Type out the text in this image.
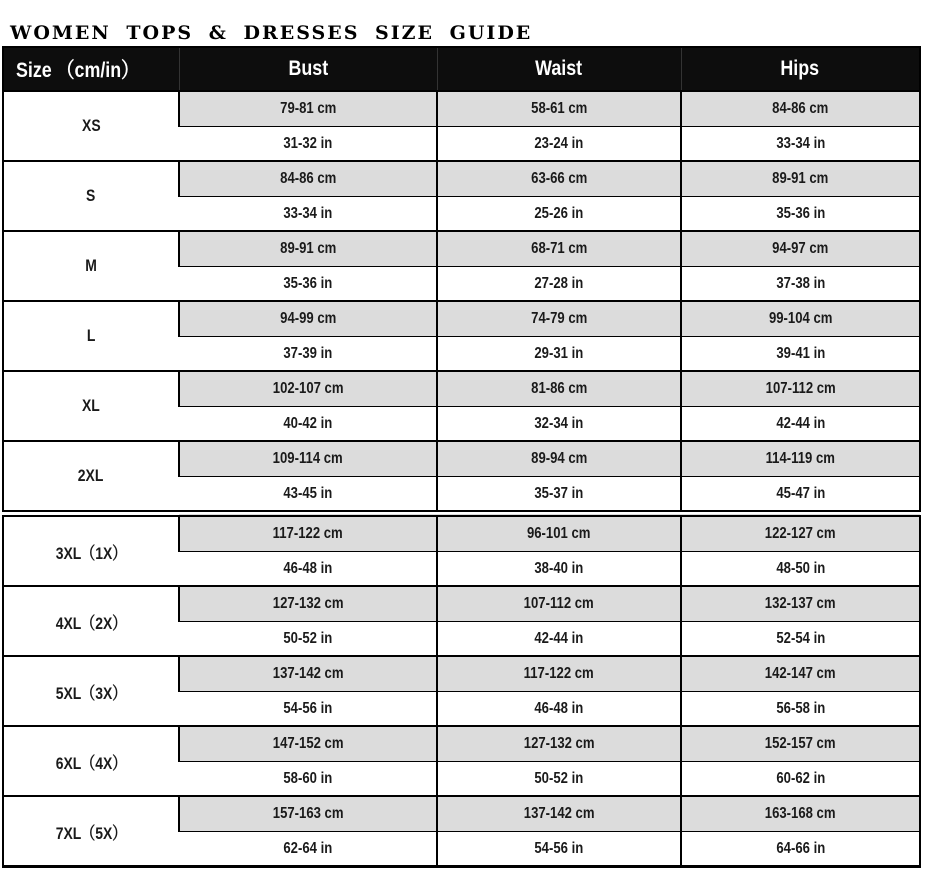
WOMEN TOPS & DRESSES SIZE GUIDE
Size （cm/in）	Bust	Waist	Hips
XS	79-81 cm	58-61 cm	84-86 cm
	31-32 in	23-24 in	33-34 in
S	84-86 cm	63-66 cm	89-91 cm
	33-34 in	25-26 in	35-36 in
M	89-91 cm	68-71 cm	94-97 cm
	35-36 in	27-28 in	37-38 in
L	94-99 cm	74-79 cm	99-104 cm
	37-39 in	29-31 in	39-41 in
XL	102-107 cm	81-86 cm	107-112 cm
	40-42 in	32-34 in	42-44 in
2XL	109-114 cm	89-94 cm	114-119 cm
	43-45 in	35-37 in	45-47 in
3XL（1X）	117-122 cm	96-101 cm	122-127 cm
	46-48 in	38-40 in	48-50 in
4XL（2X）	127-132 cm	107-112 cm	132-137 cm
	50-52 in	42-44 in	52-54 in
5XL（3X）	137-142 cm	117-122 cm	142-147 cm
	54-56 in	46-48 in	56-58 in
6XL（4X）	147-152 cm	127-132 cm	152-157 cm
	58-60 in	50-52 in	60-62 in
7XL（5X）	157-163 cm	137-142 cm	163-168 cm
	62-64 in	54-56 in	64-66 in
